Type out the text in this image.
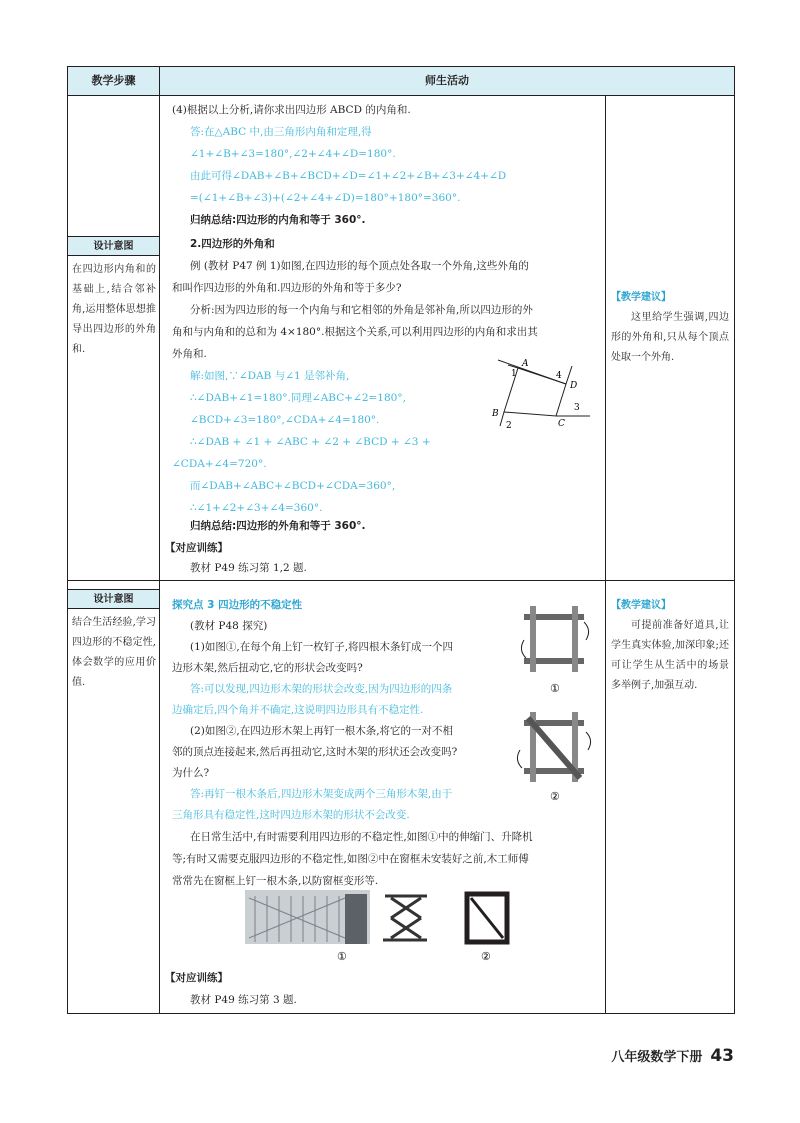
教学步骤	师生活动
设计意图
在四边形内角和的基础上,结合邻补角,运用整体思想推导出四边形的外角和.
设计意图
结合生活经验,学习四边形的不稳定性,体会数学的应用价值.
【教学建议】
这里给学生强调,四边形的外角和,只从每个顶点处取一个外角.
【教学建议】
可提前准备好道具,让学生真实体验,加深印象;还可让学生从生活中的场景多举例子,加强互动.
(4)根据以上分析,请你求出四边形 ABCD 的内角和.
答:在△ABC 中,由三角形内角和定理,得
∠1+∠B+∠3=180°,∠2+∠4+∠D=180°.
由此可得∠DAB+∠B+∠BCD+∠D=∠1+∠2+∠B+∠3+∠4+∠D
=(∠1+∠B+∠3)+(∠2+∠4+∠D)=180°+180°=360°.
归纳总结:四边形的内角和等于 360°.
2.四边形的外角和
例 (教材 P47 例 1)如图,在四边形的每个顶点处各取一个外角,这些外角的
和叫作四边形的外角和.四边形的外角和等于多少?
分析:因为四边形的每一个内角与和它相邻的外角是邻补角,所以四边形的外
角和与内角和的总和为 4×180°.根据这个关系,可以利用四边形的内角和求出其
外角和.
解:如图,∵∠DAB 与∠1 是邻补角,
∴∠DAB+∠1=180°.同理∠ABC+∠2=180°,
∠BCD+∠3=180°,∠CDA+∠4=180°.
∴∠DAB + ∠1 + ∠ABC + ∠2 + ∠BCD + ∠3 +
∠CDA+∠4=720°.
而∠DAB+∠ABC+∠BCD+∠CDA=360°,
∴∠1+∠2+∠3+∠4=360°.
归纳总结:四边形的外角和等于 360°.
【对应训练】
教材 P49 练习第 1,2 题.
A
B
C
D
1
2
3
4
探究点 3 四边形的不稳定性
(教材 P48 探究)
(1)如图①,在每个角上钉一枚钉子,将四根木条钉成一个四
边形木架,然后扭动它,它的形状会改变吗?
答:可以发现,四边形木架的形状会改变,因为四边形的四条
边确定后,四个角并不确定,这说明四边形具有不稳定性.
(2)如图②,在四边形木架上再钉一根木条,将它的一对不相
邻的顶点连接起来,然后再扭动它,这时木架的形状还会改变吗?
为什么?
答:再钉一根木条后,四边形木架变成两个三角形木架,由于
三角形具有稳定性,这时四边形木架的形状不会改变.
在日常生活中,有时需要利用四边形的不稳定性,如图①中的伸缩门、升降机
等;有时又需要克服四边形的不稳定性,如图②中在窗框未安装好之前,木工师傅
常常先在窗框上钉一根木条,以防窗框变形等.
①
②
①	②
【对应训练】
教材 P49 练习第 3 题.
八年级数学下册 43
